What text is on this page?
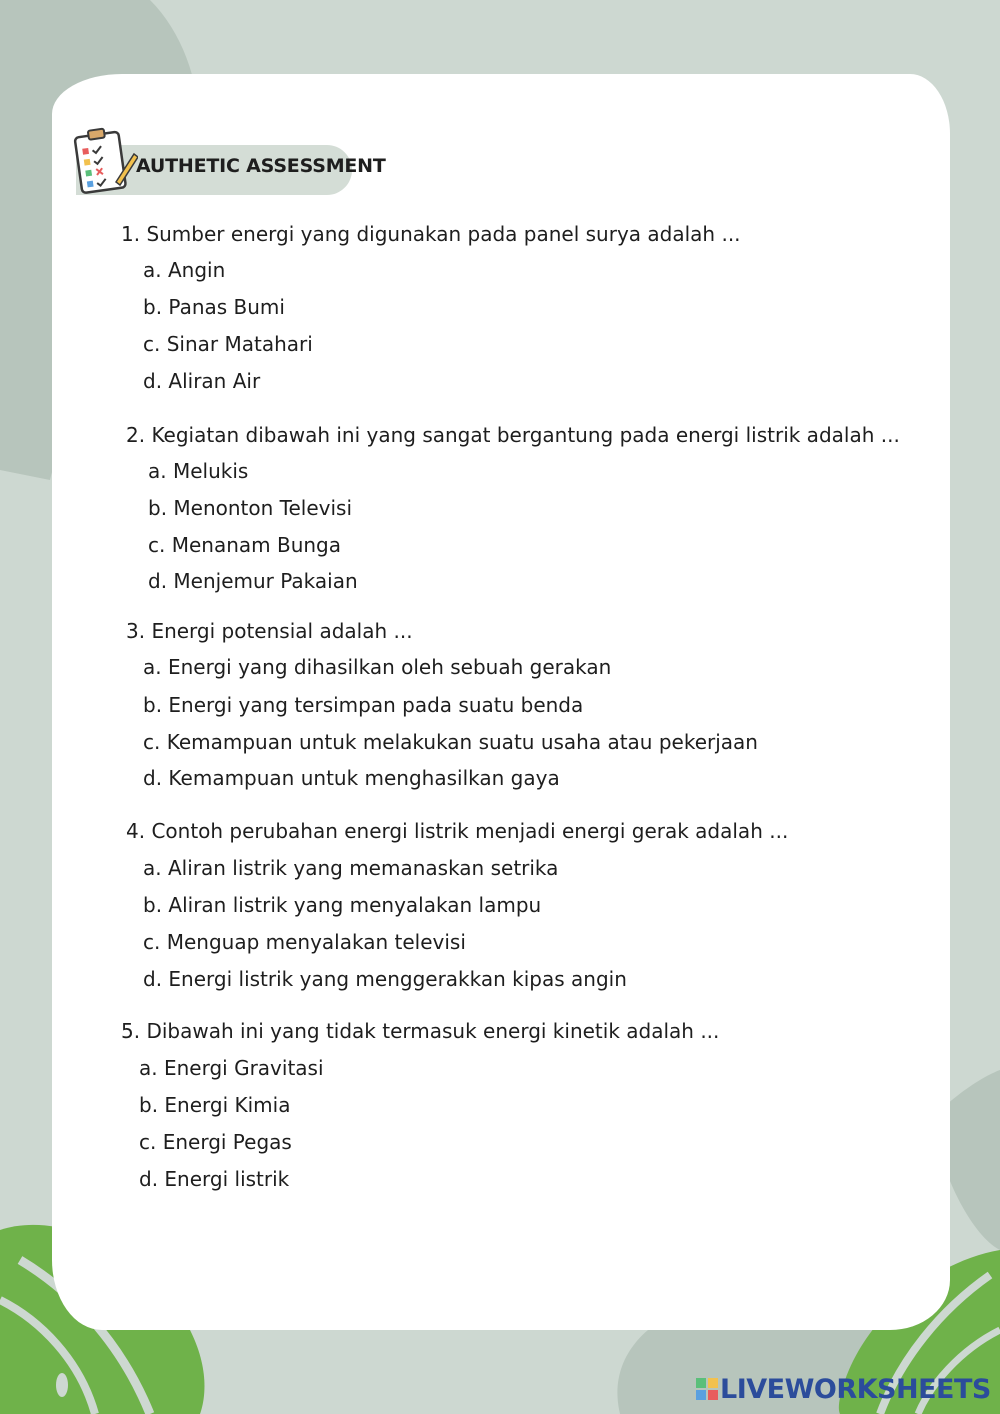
AUTHETIC ASSESSMENT
1. Sumber energi yang digunakan pada panel surya adalah ...
a. Angin
b. Panas Bumi
c. Sinar Matahari
d. Aliran Air
2. Kegiatan dibawah ini yang sangat bergantung pada energi listrik adalah ...
a. Melukis
b. Menonton Televisi
c. Menanam Bunga
d. Menjemur Pakaian
3. Energi potensial adalah ...
a. Energi yang dihasilkan oleh sebuah gerakan
b. Energi yang tersimpan pada suatu benda
c. Kemampuan untuk melakukan suatu usaha atau pekerjaan
d. Kemampuan untuk menghasilkan gaya
4. Contoh perubahan energi listrik menjadi energi gerak adalah ...
a. Aliran listrik yang memanaskan setrika
b. Aliran listrik yang menyalakan lampu
c. Menguap menyalakan televisi
d. Energi listrik yang menggerakkan kipas angin
5. Dibawah ini yang tidak termasuk energi kinetik adalah ...
a. Energi Gravitasi
b. Energi Kimia
c. Energi Pegas
d. Energi listrik
LIVEWORKSHEETS
